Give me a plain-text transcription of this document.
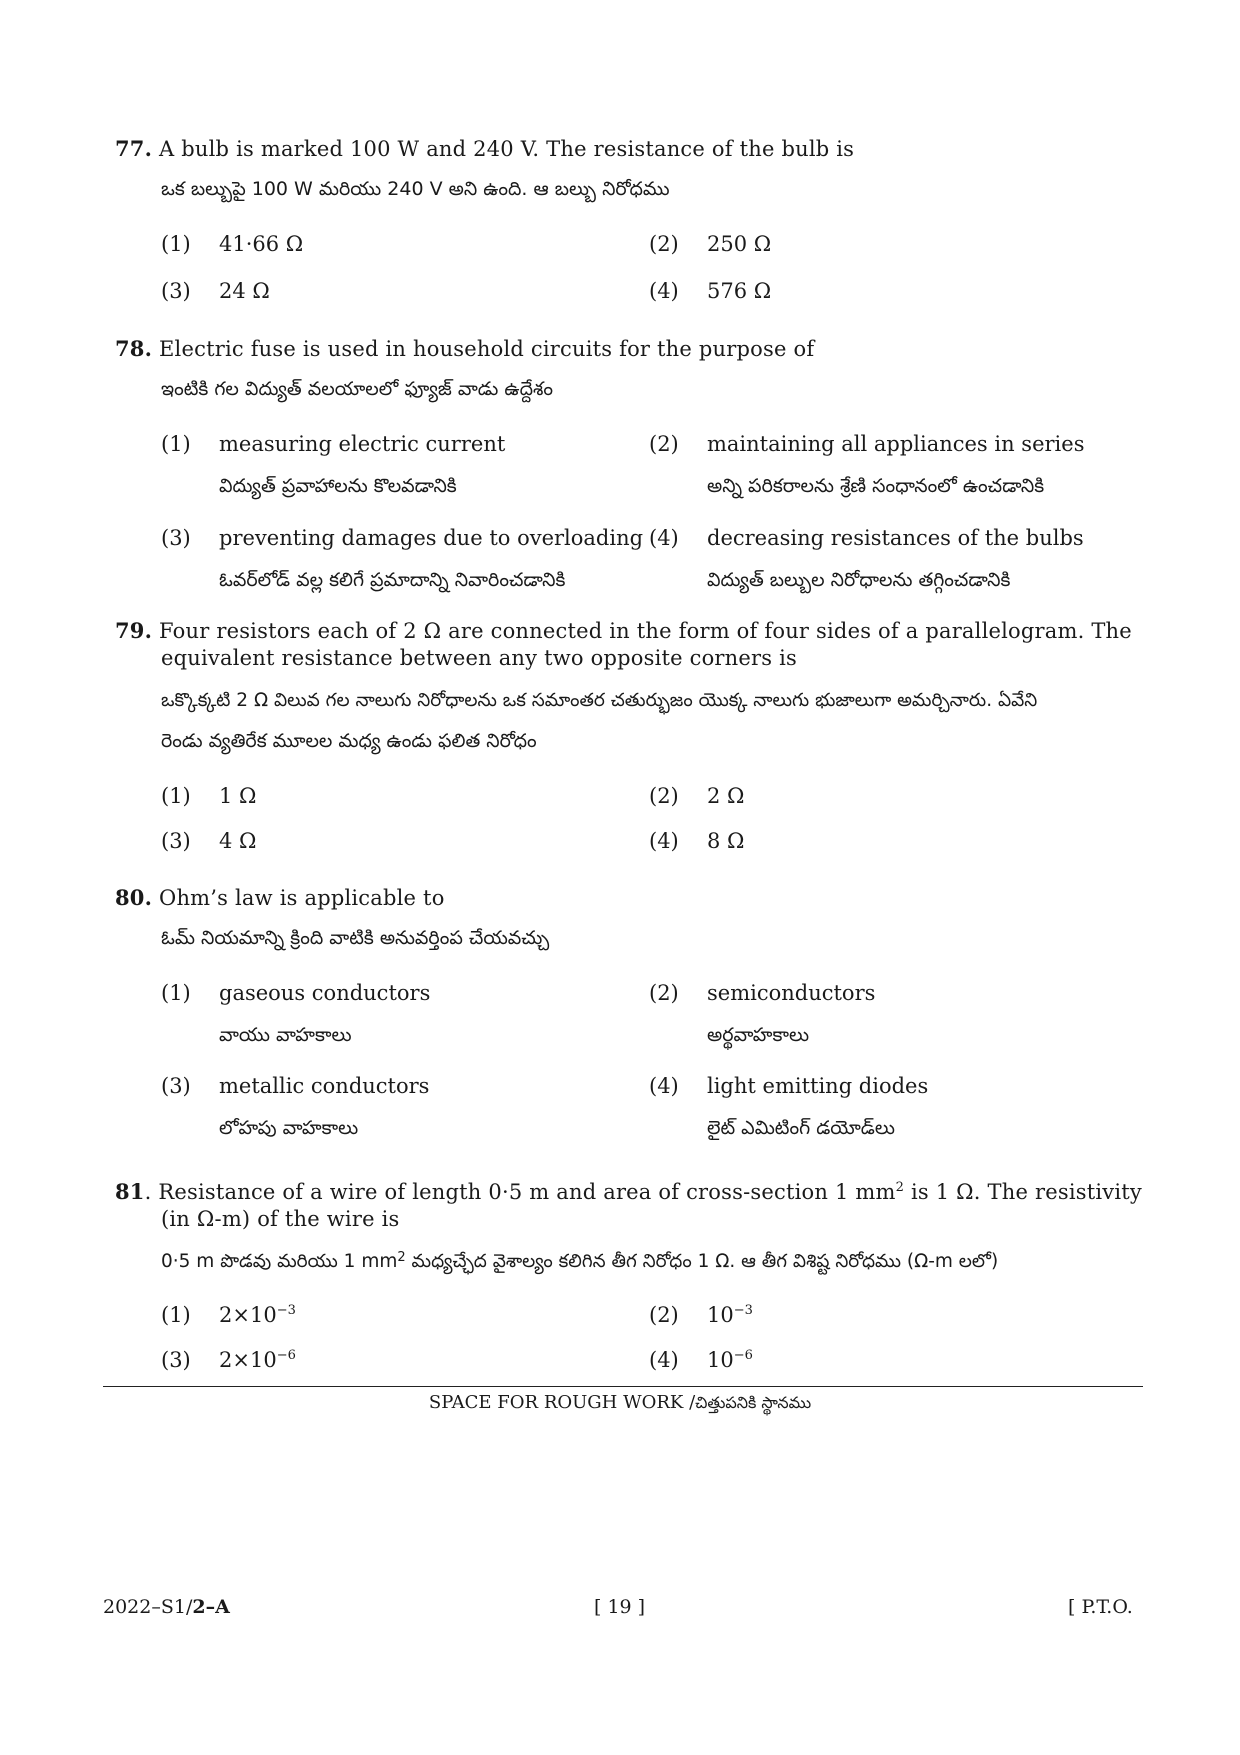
77. A bulb is marked 100 W and 240 V. The resistance of the bulb is
ఒక బల్బుపై 100 W మరియు 240 V అని ఉంది. ఆ బల్బు నిరోధము
(1)	41·66 Ω	(2)	250 Ω
(3)	24 Ω	(4)	576 Ω
78. Electric fuse is used in household circuits for the purpose of
ఇంటికి గల విద్యుత్ వలయాలలో ఫ్యూజ్ వాడు ఉద్దేశం
(1)	measuring electric current
విద్యుత్ ప్రవాహాలను కొలవడానికి
(2)	maintaining all appliances in series
అన్ని పరికరాలను శ్రేణి సంధానంలో ఉంచడానికి
(3)	preventing damages due to overloading
ఓవర్‌లోడ్ వల్ల కలిగే ప్రమాదాన్ని నివారించడానికి
(4)	decreasing resistances of the bulbs
విద్యుత్ బల్బుల నిరోధాలను తగ్గించడానికి
79. Four resistors each of 2 Ω are connected in the form of four sides of a parallelogram. The
equivalent resistance between any two opposite corners is
ఒక్కొక్కటి 2 Ω విలువ గల నాలుగు నిరోధాలను ఒక సమాంతర చతుర్భుజం యొక్క నాలుగు భుజాలుగా అమర్చినారు. ఏవేని
రెండు వ్యతిరేక మూలల మధ్య ఉండు ఫలిత నిరోధం
(1)	1 Ω	(2)	2 Ω
(3)	4 Ω	(4)	8 Ω
80. Ohm’s law is applicable to
ఓమ్ నియమాన్ని క్రింది వాటికి అనువర్తింప చేయవచ్చు
(1)	gaseous conductors
వాయు వాహకాలు
(2)	semiconductors
అర్థవాహకాలు
(3)	metallic conductors
లోహపు వాహకాలు
(4)	light emitting diodes
లైట్ ఎమిటింగ్ డయోడ్‌లు
81. Resistance of a wire of length 0·5 m and area of cross-section 1 $mm^2$ is 1 Ω. The resistivity
(in Ω-m) of the wire is
0·5 m పొడవు మరియు 1 $mm^2$ మధ్యచ్ఛేద వైశాల్యం కలిగిన తీగ నిరోధం 1 Ω. ఆ తీగ విశిష్ట నిరోధము (Ω-m లలో)
(1)	$2\times 10^{-3}$	(2)	$10^{-3}$
(3)	$2\times 10^{-6}$	(4)	$10^{-6}$
SPACE FOR ROUGH WORK /చిత్తుపనికి స్థానము
2022–S1/2–A	[ 19 ]	[ P.T.O.
